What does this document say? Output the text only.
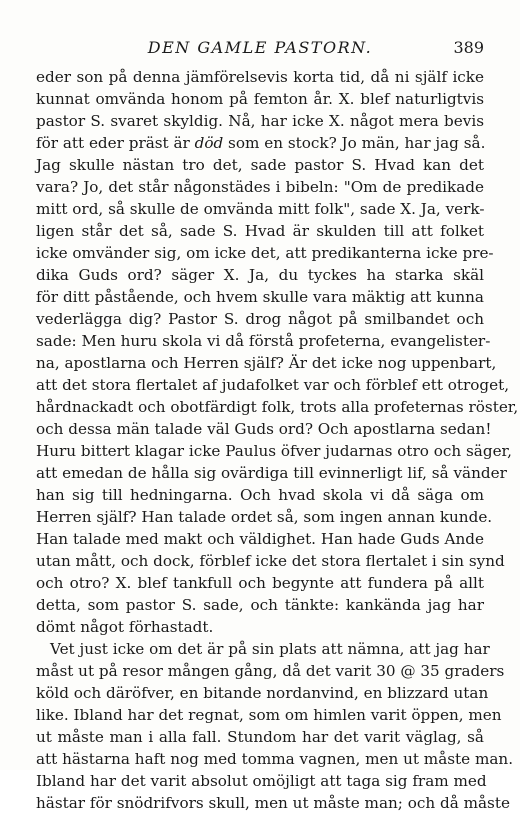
DEN GAMLE PASTORN.	389
eder son på denna jämförelsevis korta tid, då ni själf icke
kunnat omvända honom på femton år. X. blef naturligtvis
pastor S. svaret skyldig. Nå, har icke X. något mera bevis
för att eder präst är död som en stock? Jo män, har jag så.
Jag skulle nästan tro det, sade pastor S. Hvad kan det
vara? Jo, det står någonstädes i bibeln: "Om de predikade
mitt ord, så skulle de omvända mitt folk", sade X. Ja, verk-
ligen står det så, sade S. Hvad är skulden till att folket
icke omvänder sig, om icke det, att predikanterna icke pre-
dika Guds ord? säger X. Ja, du tyckes ha starka skäl
för ditt påstående, och hvem skulle vara mäktig att kunna
vederlägga dig? Pastor S. drog något på smilbandet och
sade: Men huru skola vi då förstå profeterna, evangelister-
na, apostlarna och Herren själf? Är det icke nog uppenbart,
att det stora flertalet af judafolket var och förblef ett otroget,
hårdnackadt och obotfärdigt folk, trots alla profeternas röster,
och dessa män talade väl Guds ord? Och apostlarna sedan!
Huru bittert klagar icke Paulus öfver judarnas otro och säger,
att emedan de hålla sig ovärdiga till evinnerligt lif, så vänder
han sig till hedningarna. Och hvad skola vi då säga om
Herren själf? Han talade ordet så, som ingen annan kunde.
Han talade med makt och väldighet. Han hade Guds Ande
utan mått, och dock, förblef icke det stora flertalet i sin synd
och otro? X. blef tankfull och begynte att fundera på allt
detta, som pastor S. sade, och tänkte: kankända jag har
dömt något förhastadt.
Vet just icke om det är på sin plats att nämna, att jag har
måst ut på resor mången gång, då det varit 30 @ 35 graders
köld och däröfver, en bitande nordanvind, en blizzard utan
like. Ibland har det regnat, som om himlen varit öppen, men
ut måste man i alla fall. Stundom har det varit väglag, så
att hästarna haft nog med tomma vagnen, men ut måste man.
Ibland har det varit absolut omöjligt att taga sig fram med
hästar för snödrifvors skull, men ut måste man; och då måste
